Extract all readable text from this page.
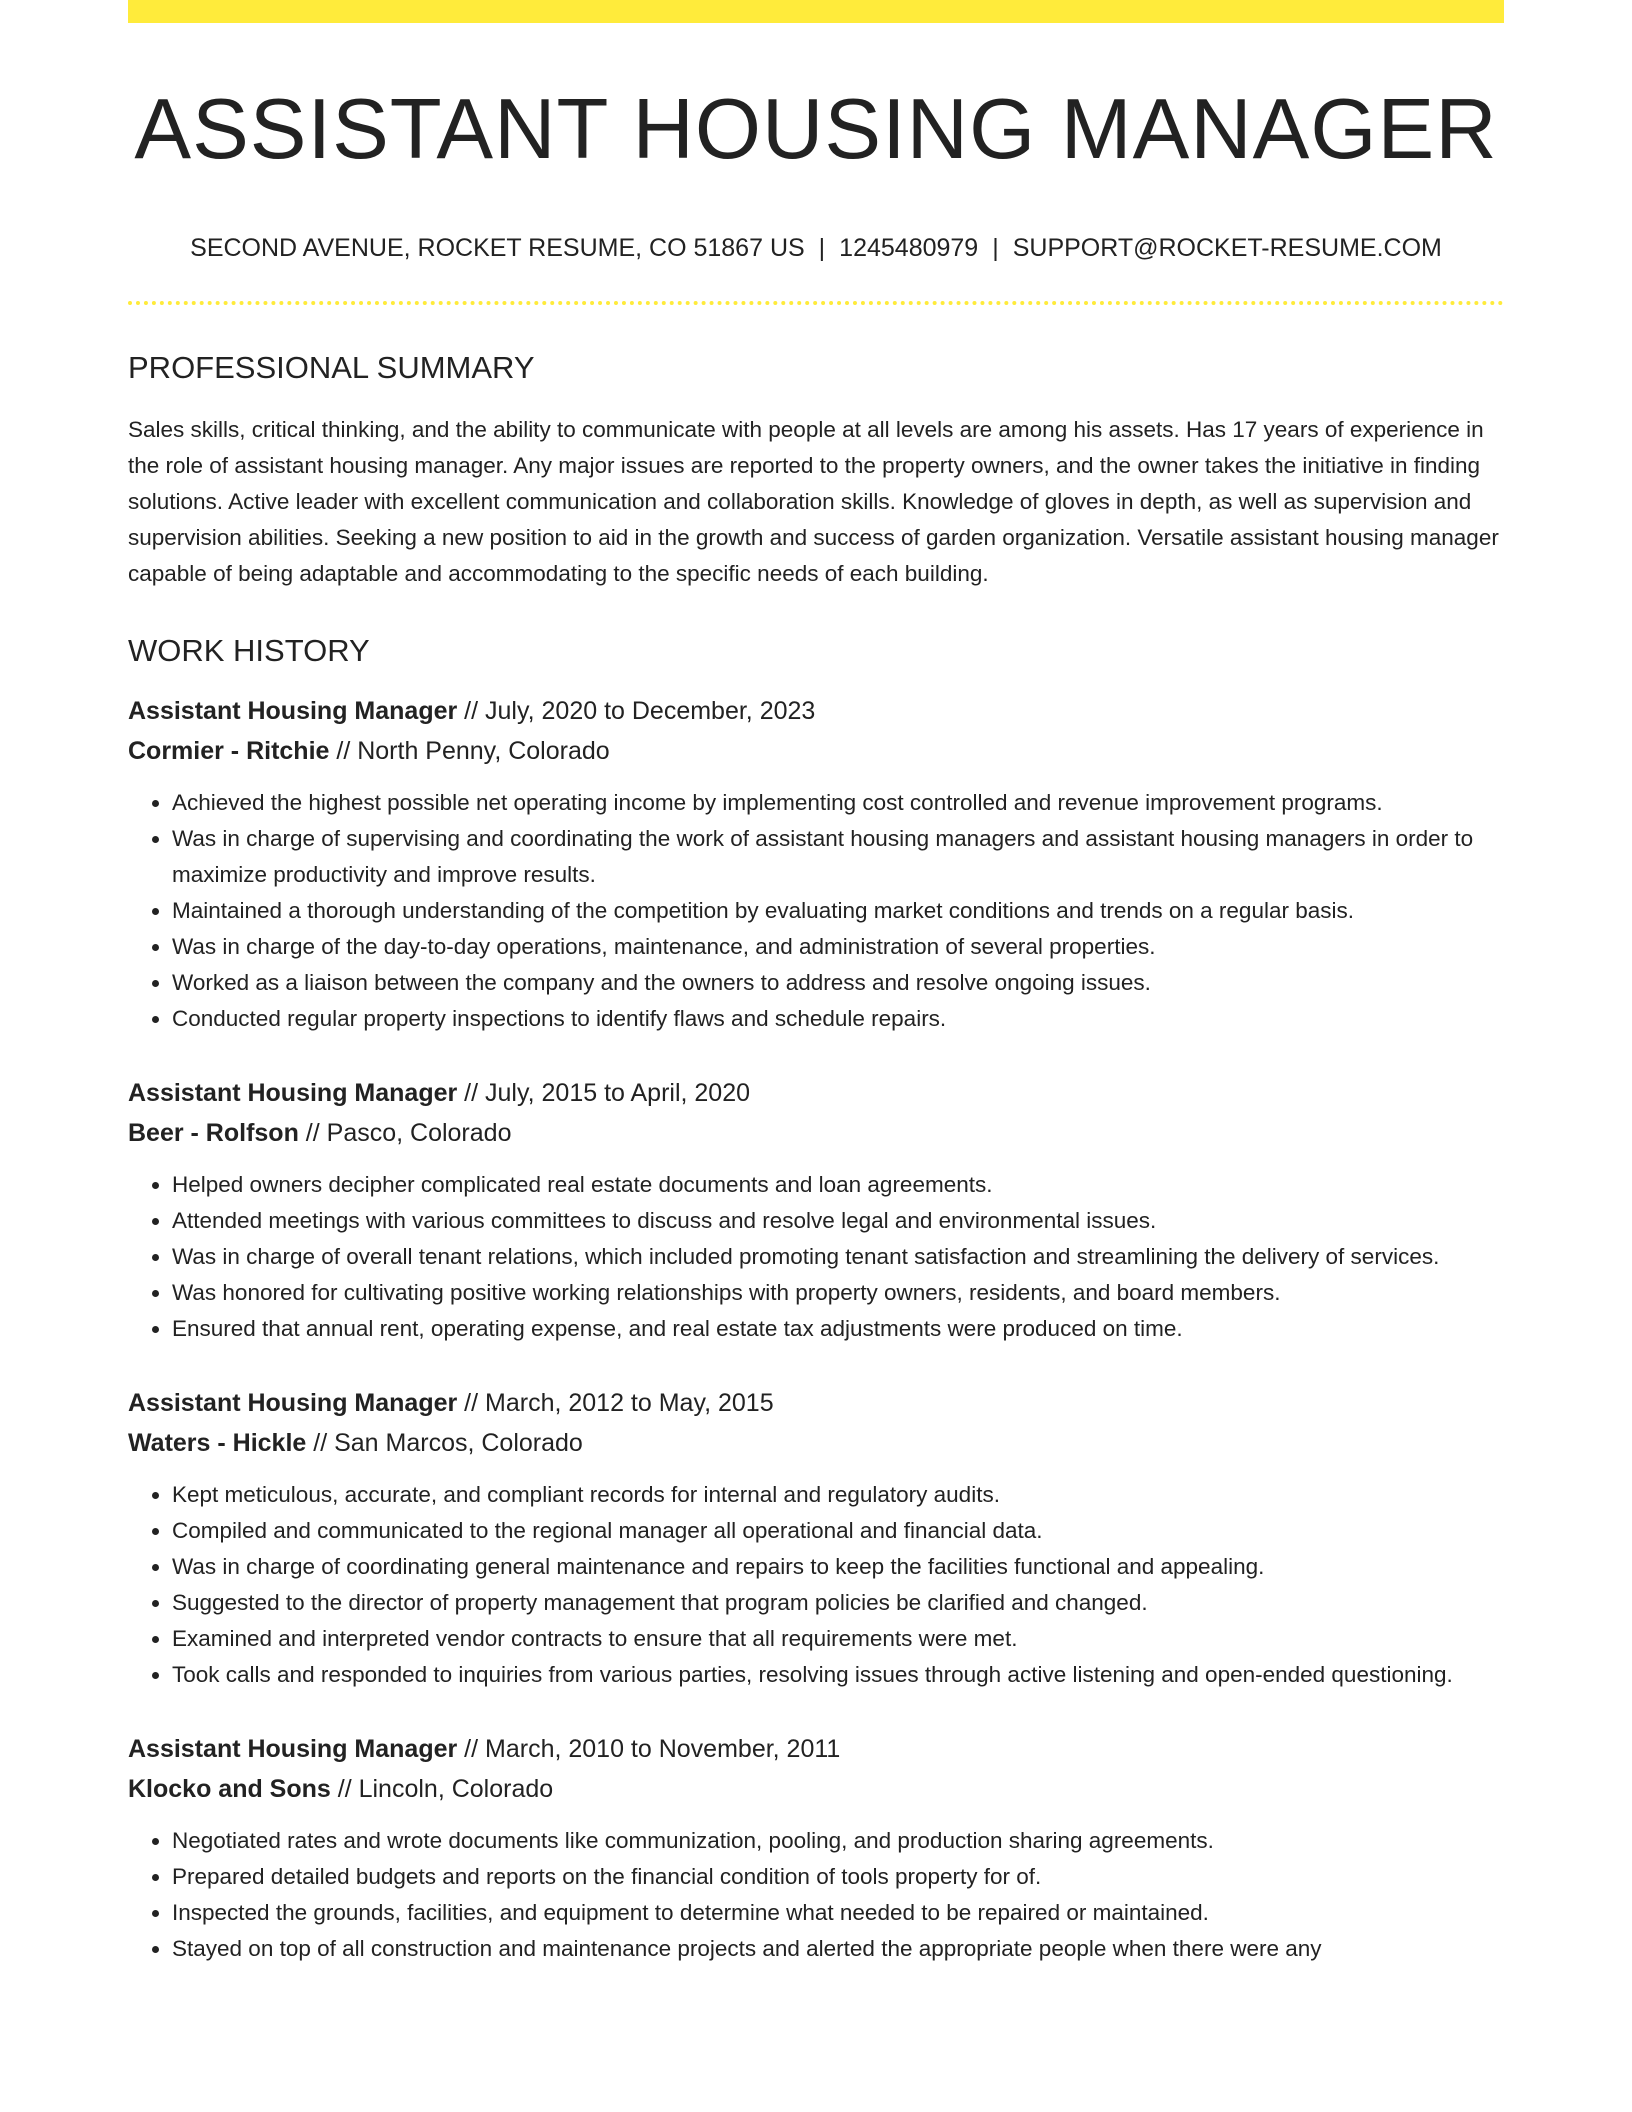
ASSISTANT HOUSING MANAGER
SECOND AVENUE, ROCKET RESUME, CO 51867 US | 1245480979 | SUPPORT@ROCKET-RESUME.COM
PROFESSIONAL SUMMARY
Sales skills, critical thinking, and the ability to communicate with people at all levels are among his assets. Has 17 years of experience in the role of assistant housing manager. Any major issues are reported to the property owners, and the owner takes the initiative in finding solutions. Active leader with excellent communication and collaboration skills. Knowledge of gloves in depth, as well as supervision and supervision abilities. Seeking a new position to aid in the growth and success of garden organization. Versatile assistant housing manager capable of being adaptable and accommodating to the specific needs of each building.
WORK HISTORY
Assistant Housing Manager // July, 2020 to December, 2023
Cormier - Ritchie // North Penny, Colorado
• Achieved the highest possible net operating income by implementing cost controlled and revenue improvement programs.
• Was in charge of supervising and coordinating the work of assistant housing managers and assistant housing managers in order to maximize productivity and improve results.
• Maintained a thorough understanding of the competition by evaluating market conditions and trends on a regular basis.
• Was in charge of the day-to-day operations, maintenance, and administration of several properties.
• Worked as a liaison between the company and the owners to address and resolve ongoing issues.
• Conducted regular property inspections to identify flaws and schedule repairs.
Assistant Housing Manager // July, 2015 to April, 2020
Beer - Rolfson // Pasco, Colorado
• Helped owners decipher complicated real estate documents and loan agreements.
• Attended meetings with various committees to discuss and resolve legal and environmental issues.
• Was in charge of overall tenant relations, which included promoting tenant satisfaction and streamlining the delivery of services.
• Was honored for cultivating positive working relationships with property owners, residents, and board members.
• Ensured that annual rent, operating expense, and real estate tax adjustments were produced on time.
Assistant Housing Manager // March, 2012 to May, 2015
Waters - Hickle // San Marcos, Colorado
• Kept meticulous, accurate, and compliant records for internal and regulatory audits.
• Compiled and communicated to the regional manager all operational and financial data.
• Was in charge of coordinating general maintenance and repairs to keep the facilities functional and appealing.
• Suggested to the director of property management that program policies be clarified and changed.
• Examined and interpreted vendor contracts to ensure that all requirements were met.
• Took calls and responded to inquiries from various parties, resolving issues through active listening and open-ended questioning.
Assistant Housing Manager // March, 2010 to November, 2011
Klocko and Sons // Lincoln, Colorado
• Negotiated rates and wrote documents like communization, pooling, and production sharing agreements.
• Prepared detailed budgets and reports on the financial condition of tools property for of.
• Inspected the grounds, facilities, and equipment to determine what needed to be repaired or maintained.
• Stayed on top of all construction and maintenance projects and alerted the appropriate people when there were any
